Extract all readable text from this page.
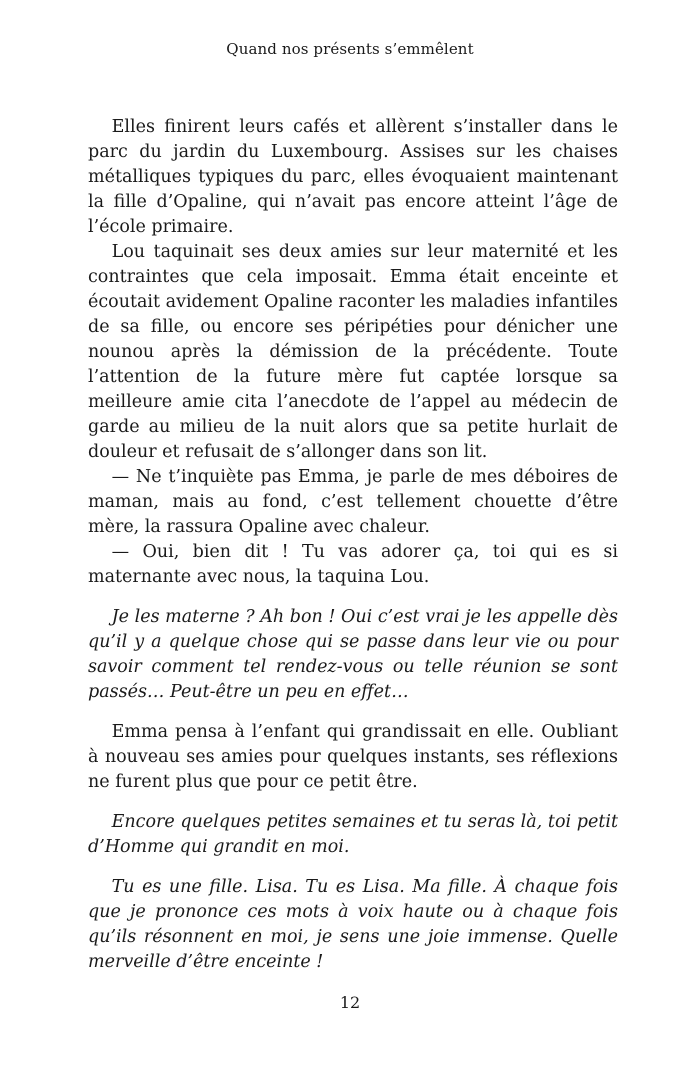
Quand nos présents s’emmêlent

Elles finirent leurs cafés et allèrent s’installer dans le parc du jardin du Luxembourg. Assises sur les chaises métalliques typiques du parc, elles évoquaient maintenant la fille d’Opaline, qui n’avait pas encore atteint l’âge de l’école primaire.

Lou taquinait ses deux amies sur leur maternité et les contraintes que cela imposait. Emma était enceinte et écoutait avidement Opaline raconter les maladies infantiles de sa fille, ou encore ses péripéties pour dénicher une nounou après la démission de la précédente. Toute l’attention de la future mère fut captée lorsque sa meilleure amie cita l’anecdote de l’appel au médecin de garde au milieu de la nuit alors que sa petite hurlait de douleur et refusait de s’allonger dans son lit.

— Ne t’inquiète pas Emma, je parle de mes déboires de maman, mais au fond, c’est tellement chouette d’être mère, la rassura Opaline avec chaleur.

— Oui, bien dit ! Tu vas adorer ça, toi qui es si maternante avec nous, la taquina Lou.

Je les materne ? Ah bon ! Oui c’est vrai je les appelle dès qu’il y a quelque chose qui se passe dans leur vie ou pour savoir comment tel rendez-vous ou telle réunion se sont passés… Peut-être un peu en effet…

Emma pensa à l’enfant qui grandissait en elle. Oubliant à nouveau ses amies pour quelques instants, ses réflexions ne furent plus que pour ce petit être.

Encore quelques petites semaines et tu seras là, toi petit d’Homme qui grandit en moi.

Tu es une fille. Lisa. Tu es Lisa. Ma fille. À chaque fois que je prononce ces mots à voix haute ou à chaque fois qu’ils résonnent en moi, je sens une joie immense. Quelle merveille d’être enceinte !

12
